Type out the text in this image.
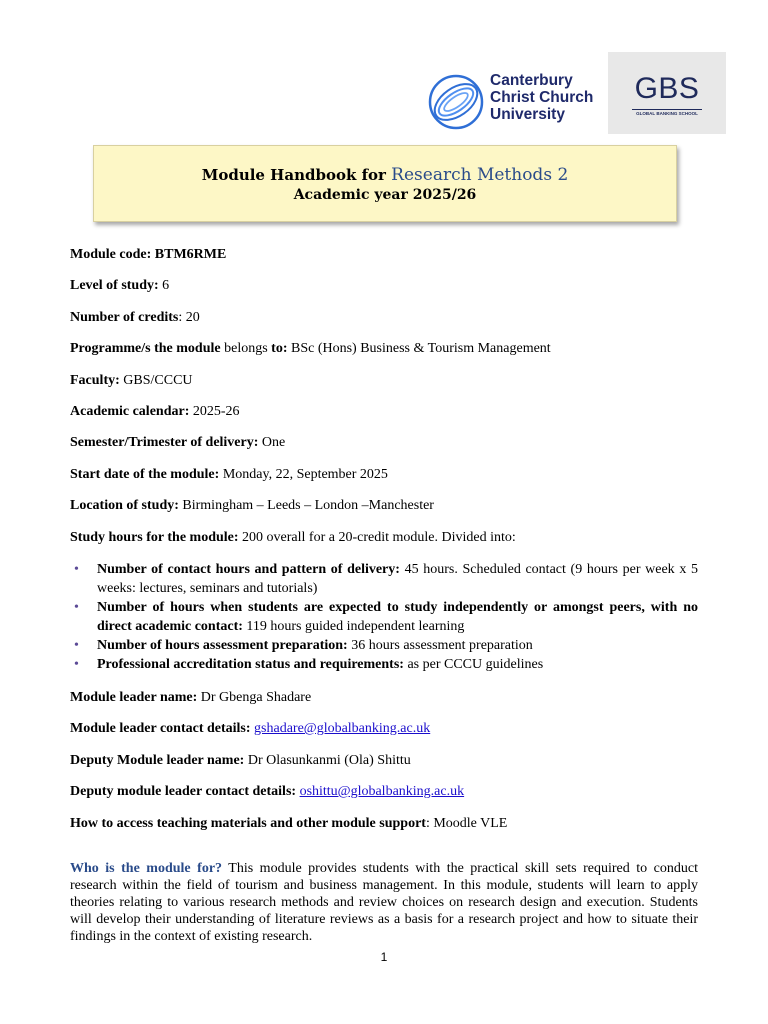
Canterbury
Christ Church
University
GBS
GLOBAL BANKING SCHOOL
Module Handbook for Research Methods 2
Academic year 2025/26

Module code: BTM6RME

Level of study: 6

Number of credits: 20

Programme/s the module belongs to: BSc (Hons) Business & Tourism Management

Faculty: GBS/CCCU

Academic calendar: 2025-26

Semester/Trimester of delivery: One

Start date of the module: Monday, 22, September 2025

Location of study: Birmingham – Leeds – London –Manchester

Study hours for the module: 200 overall for a 20-credit module. Divided into:

• Number of contact hours and pattern of delivery: 45 hours. Scheduled contact (9 hours per week x 5 weeks: lectures, seminars and tutorials)
• Number of hours when students are expected to study independently or amongst peers, with no direct academic contact: 119 hours guided independent learning
• Number of hours assessment preparation: 36 hours assessment preparation
• Professional accreditation status and requirements: as per CCCU guidelines

Module leader name: Dr Gbenga Shadare

Module leader contact details: gshadare@globalbanking.ac.uk

Deputy Module leader name: Dr Olasunkanmi (Ola) Shittu

Deputy module leader contact details: oshittu@globalbanking.ac.uk

How to access teaching materials and other module support: Moodle VLE

Who is the module for? This module provides students with the practical skill sets required to conduct research within the field of tourism and business management. In this module, students will learn to apply theories relating to various research methods and review choices on research design and execution. Students will develop their understanding of literature reviews as a basis for a research project and how to situate their findings in the context of existing research.

1
